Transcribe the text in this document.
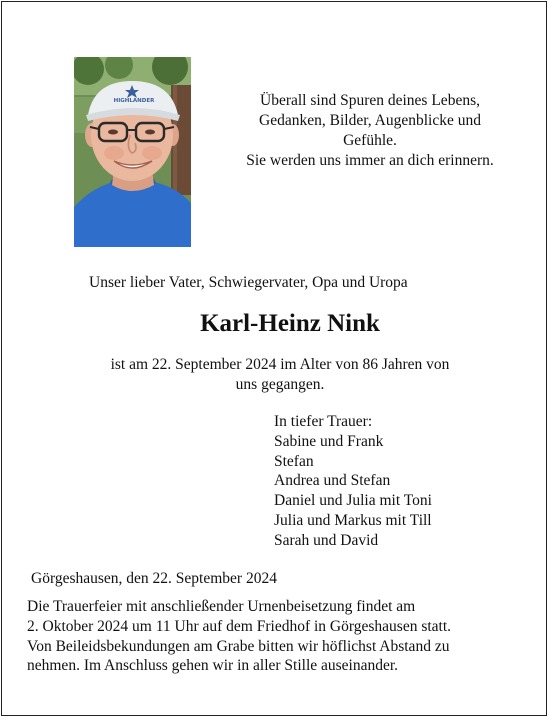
HIGHLANDER	Überall sind Spuren deines Lebens,
Gedanken, Bilder, Augenblicke und
Gefühle.
Sie werden uns immer an dich erinnern.
Unser lieber Vater, Schwiegervater, Opa und Uropa
Karl-Heinz Nink
ist am 22. September 2024 im Alter von 86 Jahren von
uns gegangen.
In tiefer Trauer:
Sabine und Frank
Stefan
Andrea und Stefan
Daniel und Julia mit Toni
Julia und Markus mit Till
Sarah und David
Görgeshausen, den 22. September 2024
Die Trauerfeier mit anschließender Urnenbeisetzung findet am
2. Oktober 2024 um 11 Uhr auf dem Friedhof in Görgeshausen statt.
Von Beileidsbekundungen am Grabe bitten wir höflichst Abstand zu
nehmen. Im Anschluss gehen wir in aller Stille auseinander.
